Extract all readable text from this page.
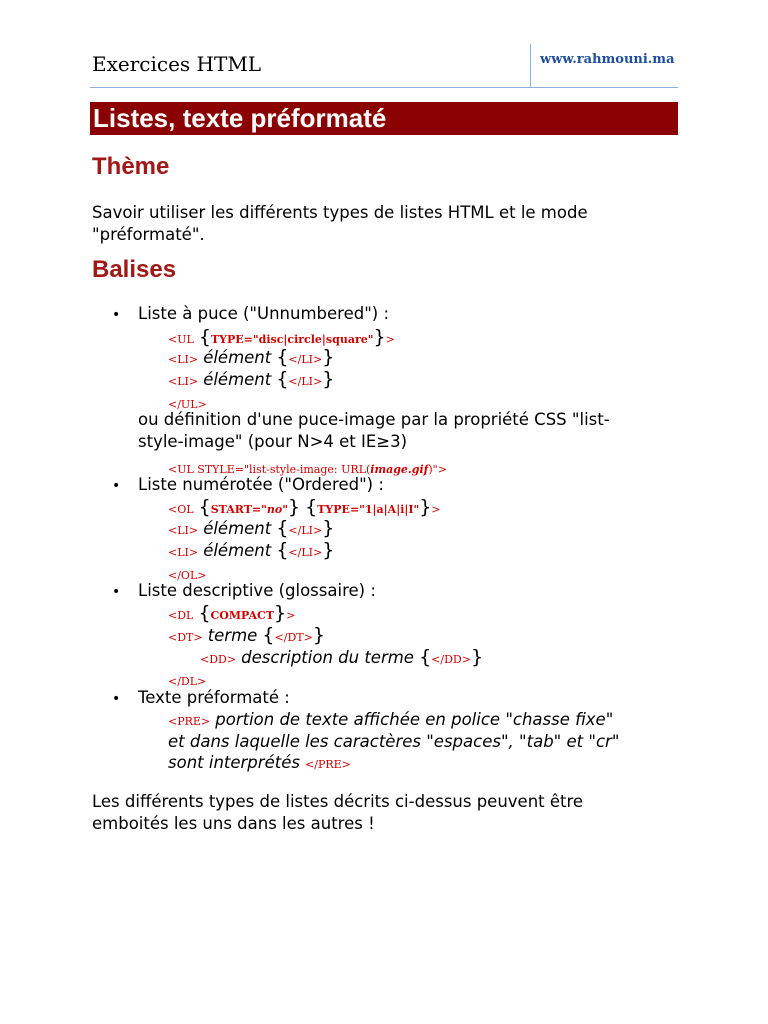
Exercices HTML	www.rahmouni.ma
Listes, texte préformaté
Thème
Savoir utiliser les différents types de listes HTML et le mode
"préformaté".
Balises
• Liste à puce ("Unnumbered") :
<UL {TYPE="disc|circle|square"}>
<LI> élément {</LI>}
<LI> élément {</LI>}
</UL>
ou définition d'une puce-image par la propriété CSS "list-
style-image" (pour N>4 et IE≥3)
<UL STYLE="list-style-image: URL(image.gif)">
• Liste numérotée ("Ordered") :
<OL {START="no"} {TYPE="1|a|A|i|I"}>
<LI> élément {</LI>}
<LI> élément {</LI>}
</OL>
• Liste descriptive (glossaire) :
<DL {COMPACT}>
<DT> terme {</DT>}
<DD> description du terme {</DD>}
</DL>
• Texte préformaté :
<PRE> portion de texte affichée en police "chasse fixe"
et dans laquelle les caractères "espaces", "tab" et "cr"
sont interprétés </PRE>
Les différents types de listes décrits ci-dessus peuvent être
emboités les uns dans les autres !
